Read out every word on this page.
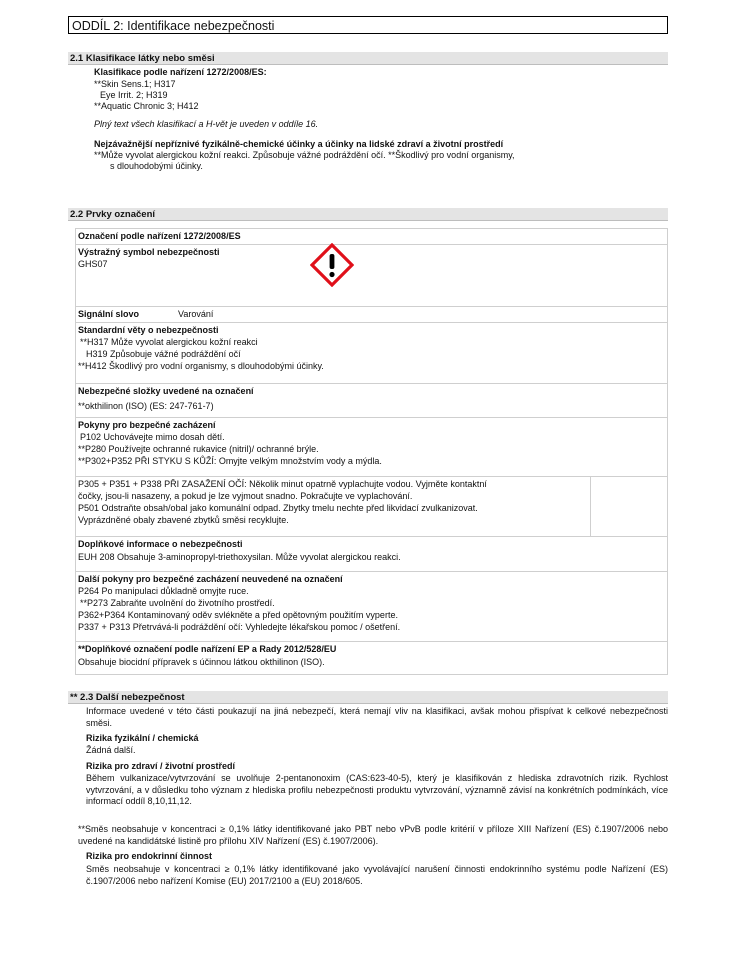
ODDÍL 2: Identifikace nebezpečnosti
2.1 Klasifikace látky nebo směsi
Klasifikace podle nařízení 1272/2008/ES:
**Skin Sens.1; H317
Eye Irrit. 2; H319
**Aquatic Chronic 3; H412
Plný text všech klasifikací a H-vět je uveden v oddíle 16.
Nejzávažnější nepříznivé fyzikálně-chemické účinky a účinky na lidské zdraví a životní prostředí
**Může vyvolat alergickou kožní reakci. Způsobuje vážné podráždění očí. **Škodlivý pro vodní organismy,
s dlouhodobými účinky.
2.2 Prvky označení
Označení podle nařízení 1272/2008/ES
Výstražný symbol nebezpečnosti
GHS07
Signální slovo	Varování
Standardní věty o nebezpečnosti
**H317 Může vyvolat alergickou kožní reakci
H319 Způsobuje vážné podráždění očí
**H412 Škodlivý pro vodní organismy, s dlouhodobými účinky.
Nebezpečné složky uvedené na označení
**okthilinon (ISO) (ES: 247-761-7)
Pokyny pro bezpečné zacházení
P102 Uchovávejte mimo dosah dětí.
**P280 Používejte ochranné rukavice (nitril)/ ochranné brýle.
**P302+P352 PŘI STYKU S KŮŽÍ: Omyjte velkým množstvím vody a mýdla.
P305 + P351 + P338 PŘI ZASAŽENÍ OČÍ: Několik minut opatrně vyplachujte vodou. Vyjměte kontaktní
čočky, jsou-li nasazeny, a pokud je lze vyjmout snadno. Pokračujte ve vyplachování.
P501 Odstraňte obsah/obal jako komunální odpad. Zbytky tmelu nechte před likvidací zvulkanizovat.
Vyprázdněné obaly zbavené zbytků směsi recyklujte.
Doplňkové informace o nebezpečnosti
EUH 208 Obsahuje 3-aminopropyl-triethoxysilan. Může vyvolat alergickou reakci.
Další pokyny pro bezpečné zacházení neuvedené na označení
P264 Po manipulaci důkladně omyjte ruce.
**P273 Zabraňte uvolnění do životního prostředí.
P362+P364 Kontaminovaný oděv svlékněte a před opětovným použitím vyperte.
P337 + P313 Přetrvává-li podráždění očí: Vyhledejte lékařskou pomoc / ošetření.
**Doplňkové označení podle nařízení EP a Rady 2012/528/EU
Obsahuje biocidní přípravek s účinnou látkou okthilinon (ISO).
** 2.3 Další nebezpečnost
Informace uvedené v této části poukazují na jiná nebezpečí, která nemají vliv na klasifikaci, avšak mohou přispívat k celkové nebezpečnosti směsi.
Rizika fyzikální / chemická
Žádná další.
Rizika pro zdraví / životní prostředí
Během vulkanizace/vytvrzování se uvolňuje 2-pentanonoxim (CAS:623-40-5), který je klasifikován z hlediska zdravotních rizik. Rychlost vytvrzování, a v důsledku toho význam z hlediska profilu nebezpečnosti produktu vytvrzování, významně závisí na konkrétních podmínkách, více informací oddíl 8,10,11,12.
**Směs neobsahuje v koncentraci ≥ 0,1% látky identifikované jako PBT nebo vPvB podle kritérií v příloze XIII Nařízení (ES) č.1907/2006 nebo uvedené na kandidátské listině pro přílohu XIV Nařízení (ES) č.1907/2006).
Rizika pro endokrinní činnost
Směs neobsahuje v koncentraci ≥ 0,1% látky identifikované jako vyvolávající narušení činnosti endokrinního systému podle Nařízení (ES) č.1907/2006 nebo nařízení Komise (EU) 2017/2100 a (EU) 2018/605.
